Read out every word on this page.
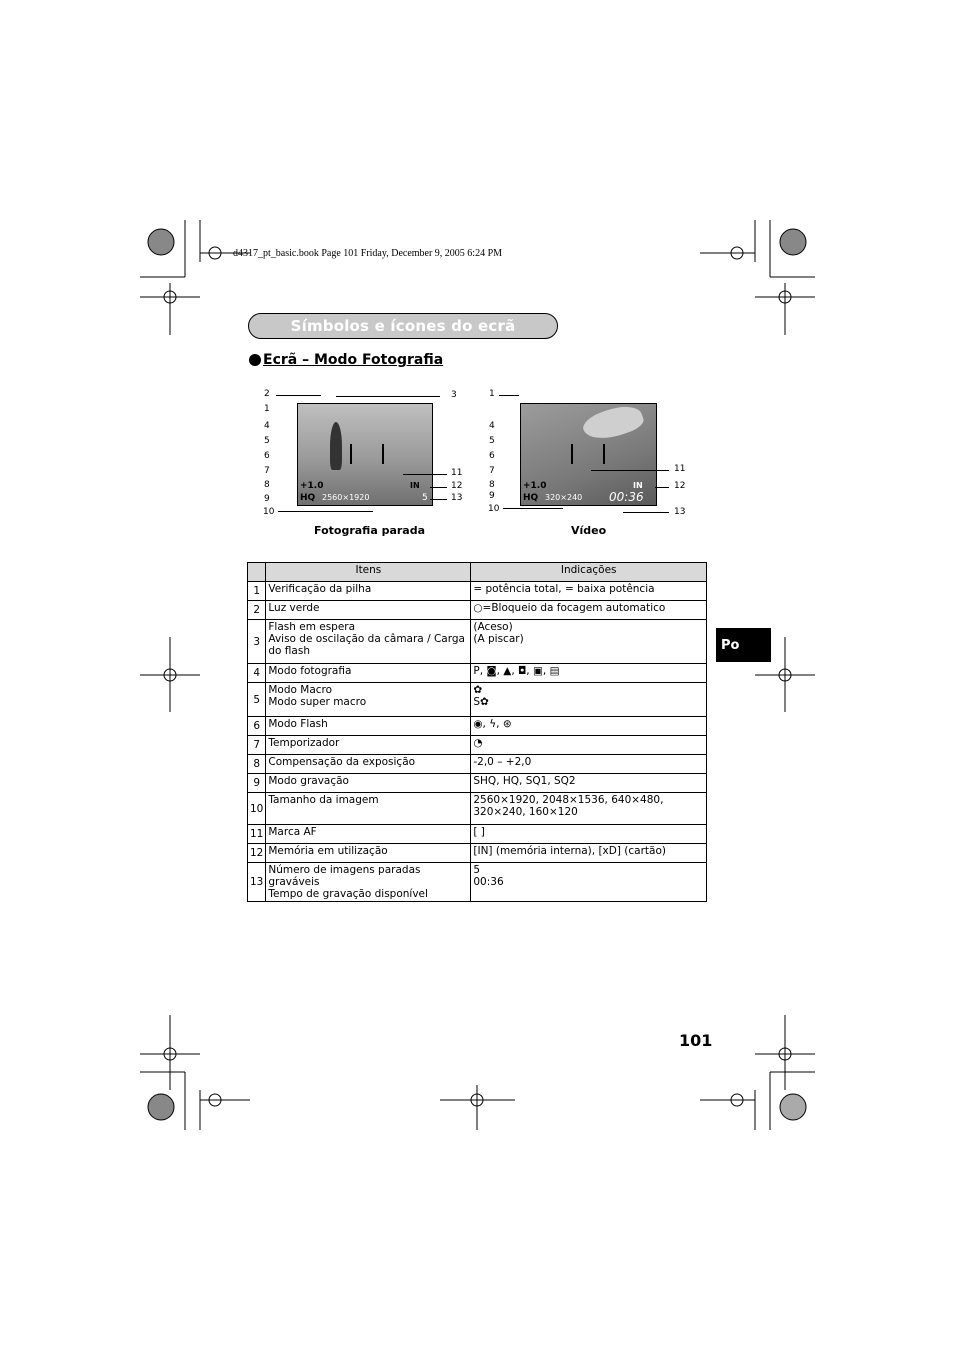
d4317_pt_basic.book Page 101 Friday, December 9, 2005 6:24 PM
Símbolos e ícones do ecrã
Ecrã – Modo Fotografia
+1.0
HQ 2560×1920
IN
5
2
1
3
4
5
6
7
8
9
10
11
12
13
+1.0
HQ 320×240
IN
00:36
1
4
5
6
7
8
9
10
11
12
13
Fotografia parada	Vídeo
	Itens	Indicações
1	Verificação da pilha	= potência total, = baixa potência
2	Luz verde	○=Bloqueio da focagem automatico
3	Flash em espera
Aviso de oscilação da câmara / Carga do flash	(Aceso)
(A piscar)
4	Modo fotografia	P, ◙, ▲, ◘, ▣, ▤
5	Modo Macro
Modo super macro	✿
S✿
6	Modo Flash	◉, ϟ, ⊛
7	Temporizador	◔
8	Compensação da exposição	-2,0 – +2,0
9	Modo gravação	SHQ, HQ, SQ1, SQ2
10	Tamanho da imagem	2560×1920, 2048×1536, 640×480,
320×240, 160×120
11	Marca AF	[ ]
12	Memória em utilização	[IN] (memória interna), [xD] (cartão)
13	Número de imagens paradas graváveis
Tempo de gravação disponível	5
00:36
Po
101
